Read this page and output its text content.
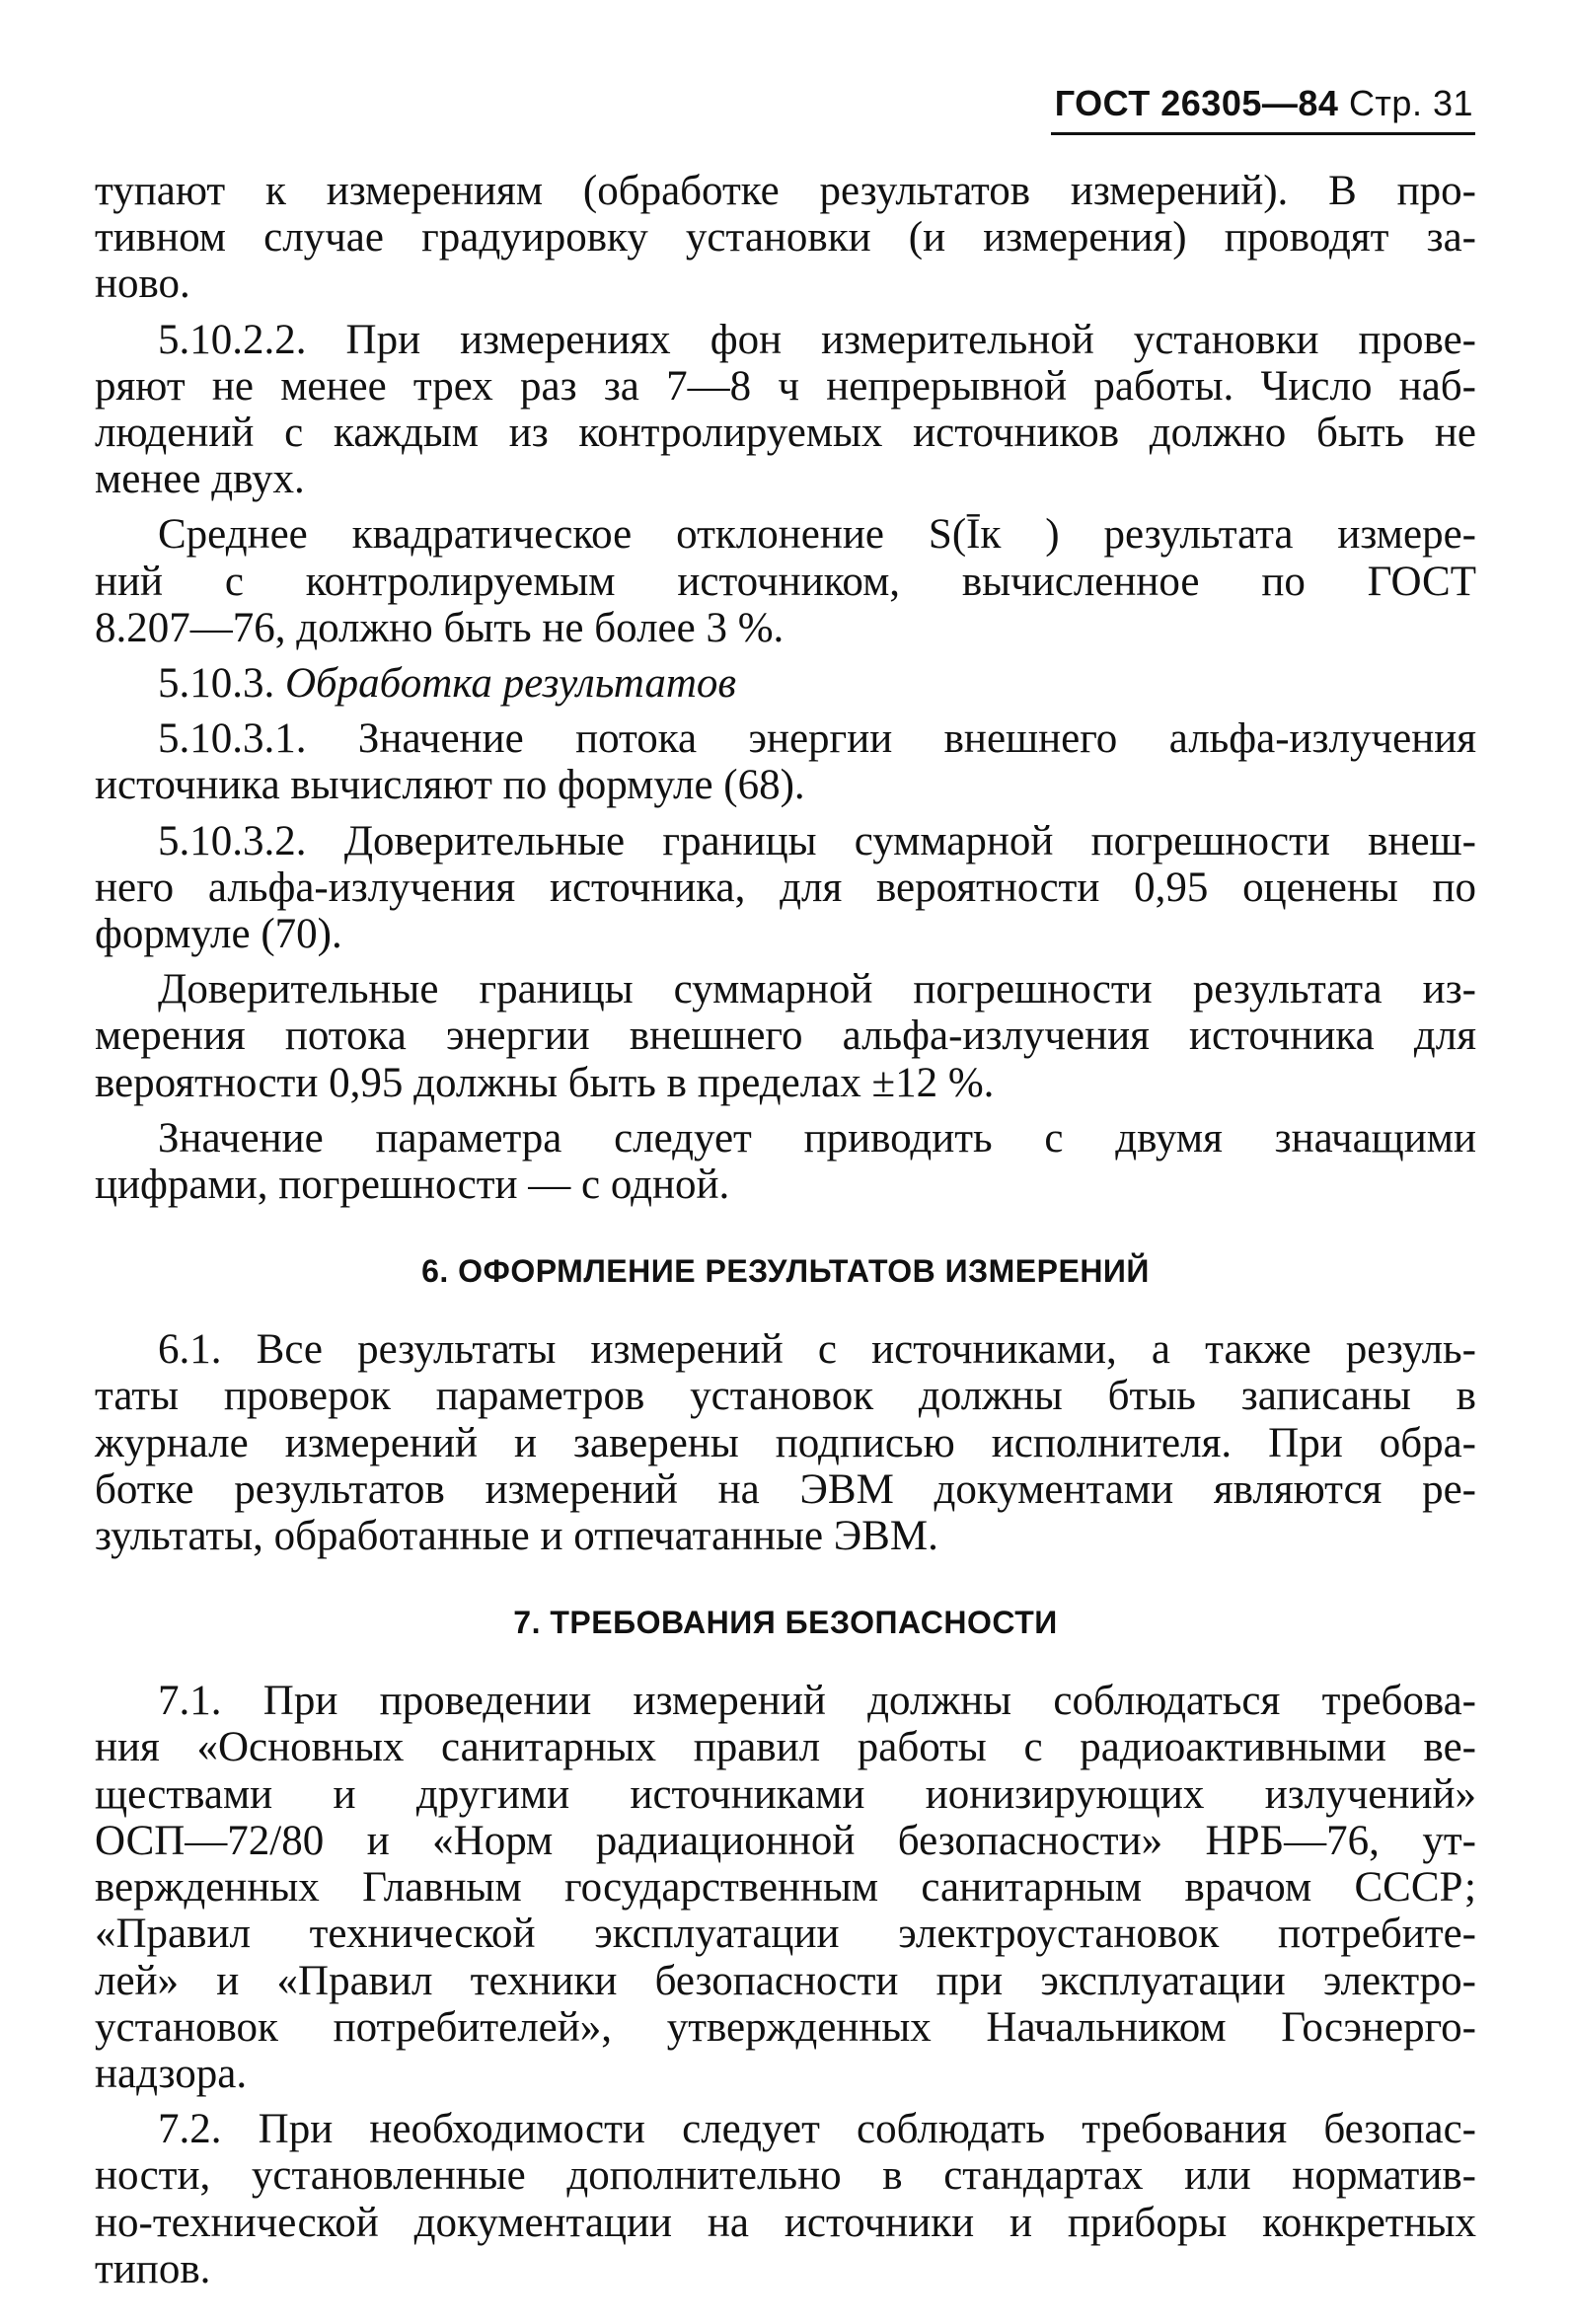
ГОСТ 26305—84 Стр. 31
тупают к измерениям (обработке результатов измерений). В про-
тивном случае градуировку установки (и измерения) проводят за-
ново.
5.10.2.2. При измерениях фон измерительной установки прове-
ряют не менее трех раз за 7—8 ч непрерывной работы. Число наб-
людений с каждым из контролируемых источников должно быть не
менее двух.
Среднее квадратическое отклонение S(Īк ) результата измере-
ний с контролируемым источником, вычисленное по ГОСТ
8.207—76, должно быть не более 3 %.
5.10.3. Обработка результатов
5.10.3.1. Значение потока энергии внешнего альфа-излучения
источника вычисляют по формуле (68).
5.10.3.2. Доверительные границы суммарной погрешности внеш-
него альфа-излучения источника, для вероятности 0,95 оценены по
формуле (70).
Доверительные границы суммарной погрешности результата из-
мерения потока энергии внешнего альфа-излучения источника для
вероятности 0,95 должны быть в пределах ±12 %.
Значение параметра следует приводить с двумя значащими
цифрами, погрешности — с одной.
6. ОФОРМЛЕНИЕ РЕЗУЛЬТАТОВ ИЗМЕРЕНИЙ
6.1. Все результаты измерений с источниками, а также резуль-
таты проверок параметров установок должны бтыь записаны в
журнале измерений и заверены подписью исполнителя. При обра-
ботке результатов измерений на ЭВМ документами являются ре-
зультаты, обработанные и отпечатанные ЭВМ.
7. ТРЕБОВАНИЯ БЕЗОПАСНОСТИ
7.1. При проведении измерений должны соблюдаться требова-
ния «Основных санитарных правил работы с радиоактивными ве-
ществами и другими источниками ионизирующих излучений»
ОСП—72/80 и «Норм радиационной безопасности» НРБ—76, ут-
вержденных Главным государственным санитарным врачом СССР;
«Правил технической эксплуатации электроустановок потребите-
лей» и «Правил техники безопасности при эксплуатации электро-
установок потребителей», утвержденных Начальником Госэнерго-
надзора.
7.2. При необходимости следует соблюдать требования безопас-
ности, установленные дополнительно в стандартах или норматив-
но-технической документации на источники и приборы конкретных
типов.
